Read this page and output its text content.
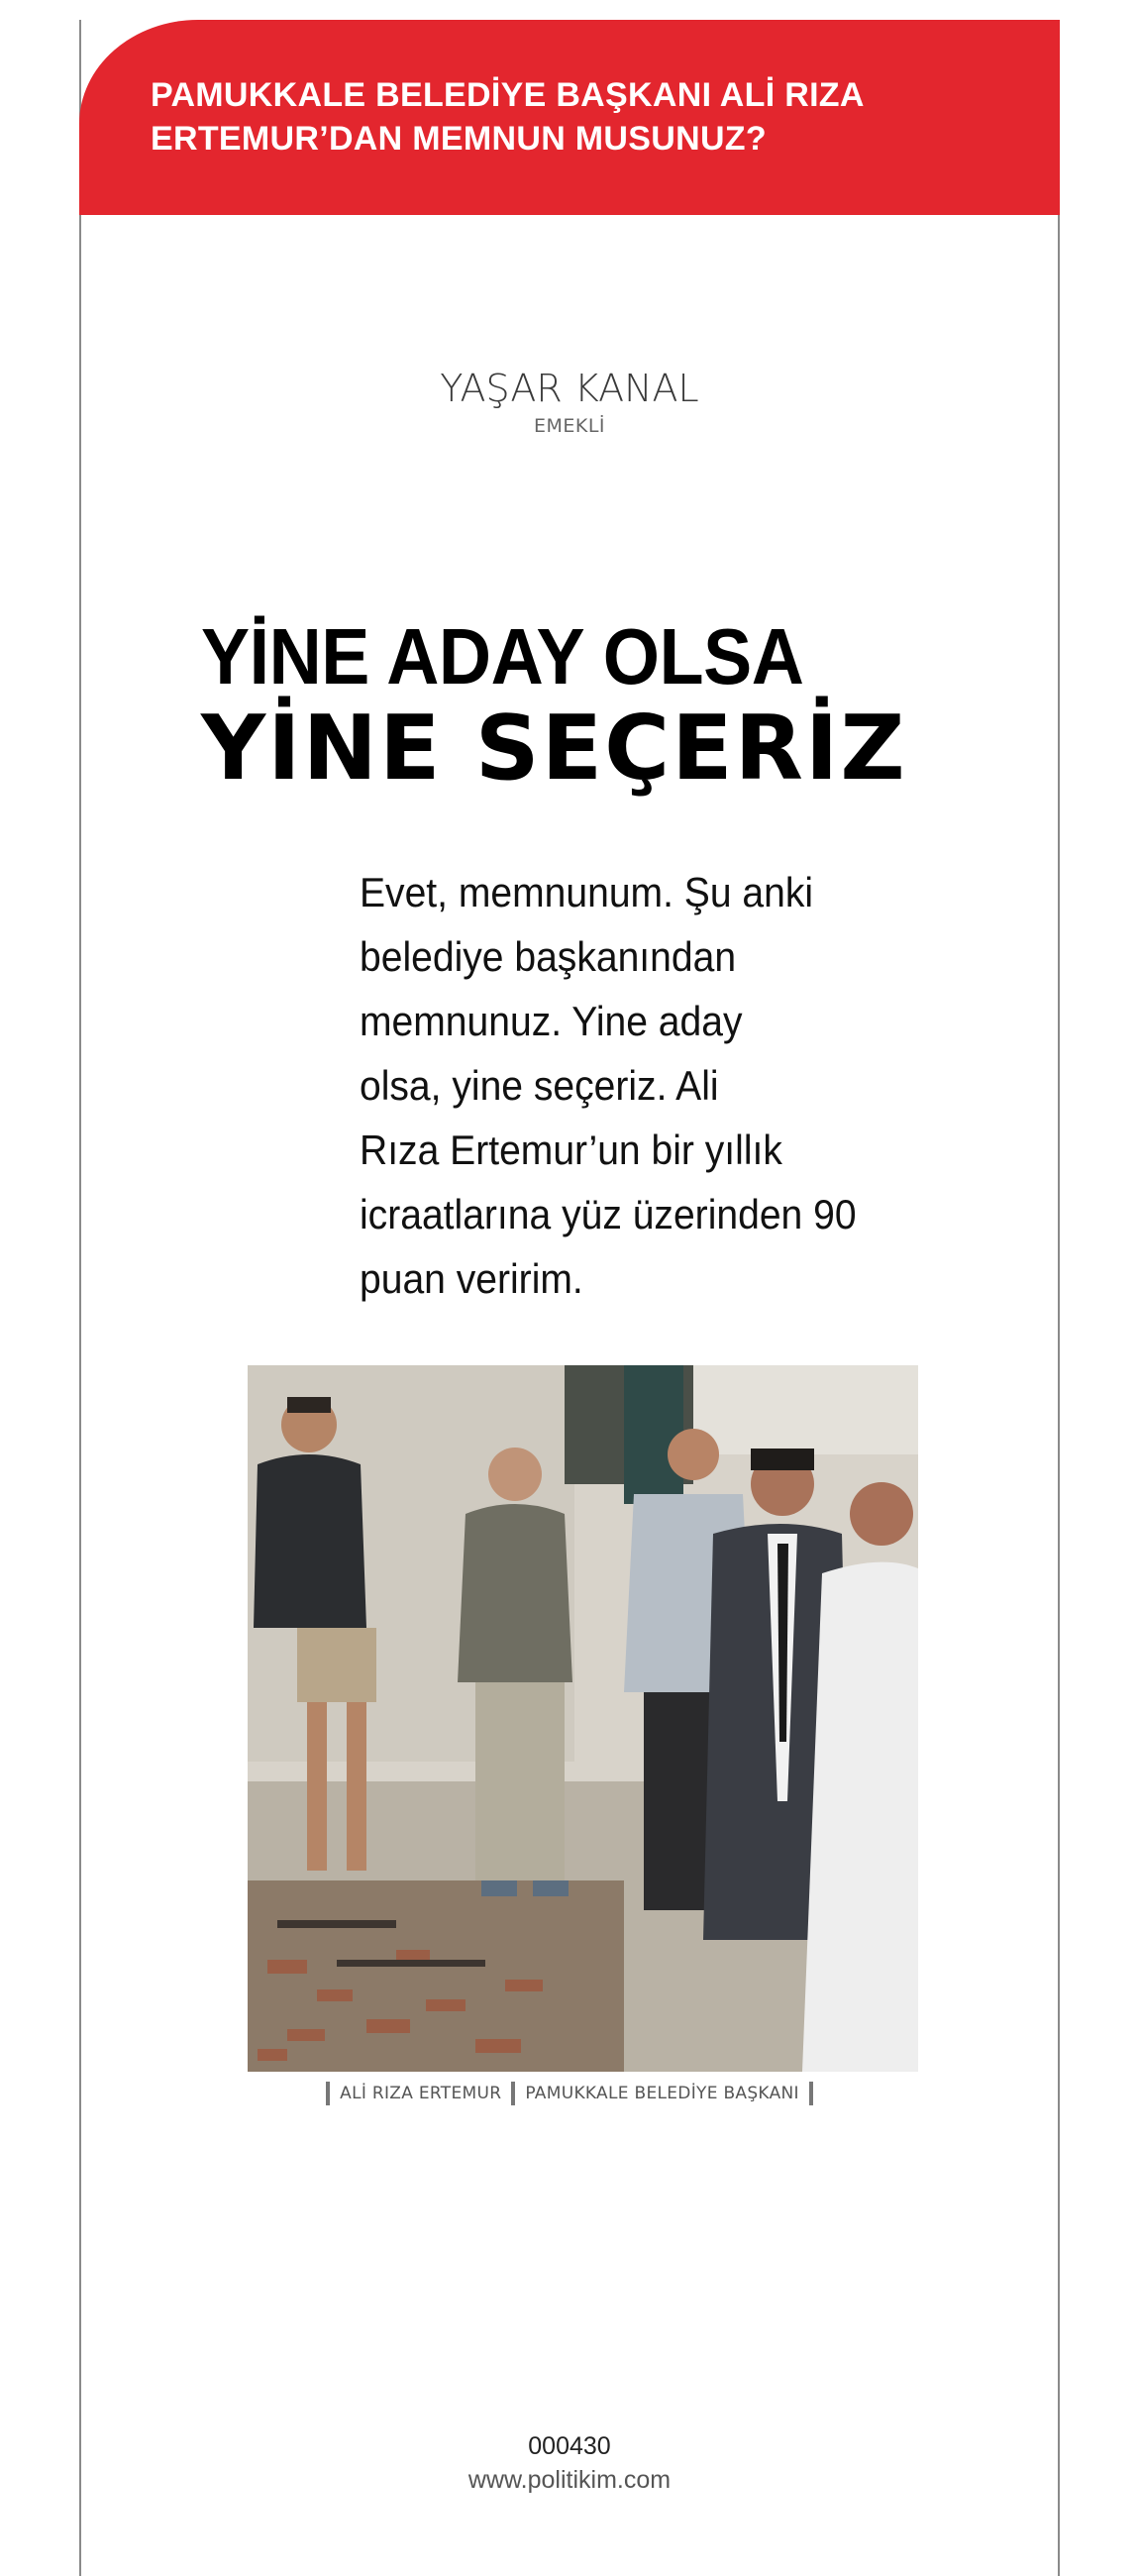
PAMUKKALE BELEDİYE BAŞKANI ALİ RIZA
ERTEMUR’DAN MEMNUN MUSUNUZ?

YAŞAR KANAL
EMEKLİ
YİNE ADAY OLSA
YİNE SEÇERİZ

Evet, memnunum. Şu anki
belediye başkanından
memnunuz. Yine aday
olsa, yine seçeriz. Ali
Rıza Ertemur’un bir yıllık
icraatlarına yüz üzerinden 90
puan veririm.

ALİ RIZA ERTEMUR PAMUKKALE BELEDİYE BAŞKANI
000430
www.politikim.com
